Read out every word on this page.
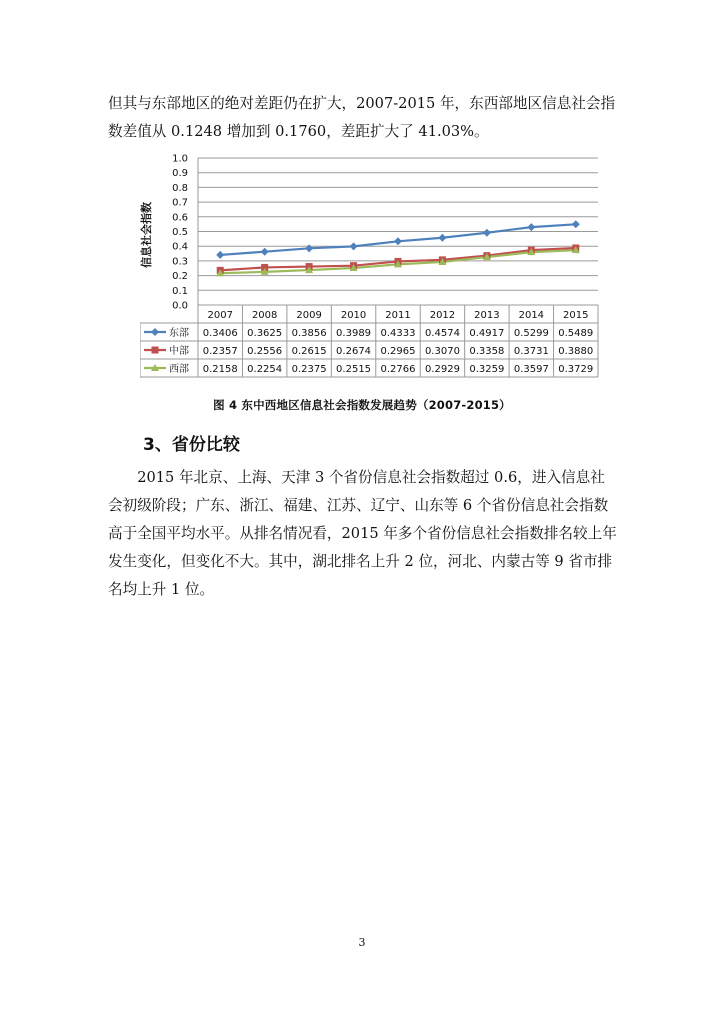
但其与东部地区的绝对差距仍在扩大，2007-2015 年，东西部地区信息社会指数差值从 0.1248 增加到 0.1760，差距扩大了 41.03%。

0.0
0.1
0.2
0.3
0.4
0.5
0.6
0.7
0.8
0.9
1.0
信息社会指数
2007 2008 2009 2010 2011 2012 2013 2014 2015
东部 0.3406 0.3625 0.3856 0.3989 0.4333 0.4574 0.4917 0.5299 0.5489
中部 0.2357 0.2556 0.2615 0.2674 0.2965 0.3070 0.3358 0.3731 0.3880
西部 0.2158 0.2254 0.2375 0.2515 0.2766 0.2929 0.3259 0.3597 0.3729
图 4 东中西地区信息社会指数发展趋势（2007-2015）
3、省份比较

2015 年北京、上海、天津 3 个省份信息社会指数超过 0.6，进入信息社会初级阶段；广东、浙江、福建、江苏、辽宁、山东等 6 个省份信息社会指数高于全国平均水平。从排名情况看，2015 年多个省份信息社会指数排名较上年发生变化，但变化不大。其中，湖北排名上升 2 位，河北、内蒙古等 9 省市排名均上升 1 位。

3
